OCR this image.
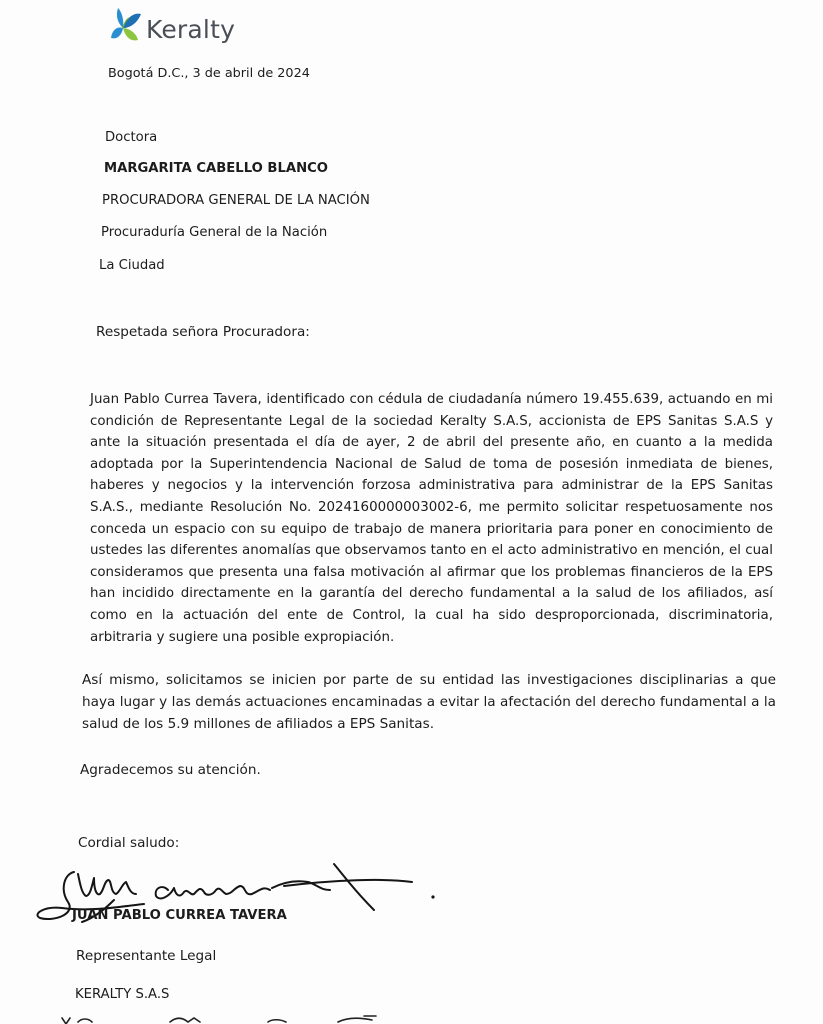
Keralty
Bogotá D.C., 3 de abril de 2024
Doctora
MARGARITA CABELLO BLANCO
PROCURADORA GENERAL DE LA NACIÓN
Procuraduría General de la Nación
La Ciudad
Respetada señora Procuradora:
Juan Pablo Currea Tavera, identificado con cédula de ciudadanía número 19.455.639, actuando en mi condición de Representante Legal de la sociedad Keralty S.A.S, accionista de EPS Sanitas S.A.S y ante la situación presentada el día de ayer, 2 de abril del presente año, en cuanto a la medida adoptada por la Superintendencia Nacional de Salud de toma de posesión inmediata de bienes, haberes y negocios y la intervención forzosa administrativa para administrar de la EPS Sanitas S.A.S., mediante Resolución No. 2024160000003002-6, me permito solicitar respetuosamente nos conceda un espacio con su equipo de trabajo de manera prioritaria para poner en conocimiento de ustedes las diferentes anomalías que observamos tanto en el acto administrativo en mención, el cual consideramos que presenta una falsa motivación al afirmar que los problemas financieros de la EPS han incidido directamente en la garantía del derecho fundamental a la salud de los afiliados, así como en la actuación del ente de Control, la cual ha sido desproporcionada, discriminatoria, arbitraria y sugiere una posible expropiación.
Así mismo, solicitamos se inicien por parte de su entidad las investigaciones disciplinarias a que haya lugar y las demás actuaciones encaminadas a evitar la afectación del derecho fundamental a la salud de los 5.9 millones de afiliados a EPS Sanitas.
Agradecemos su atención.
Cordial saludo:
JUAN PABLO CURREA TAVERA
Representante Legal
KERALTY S.A.S
